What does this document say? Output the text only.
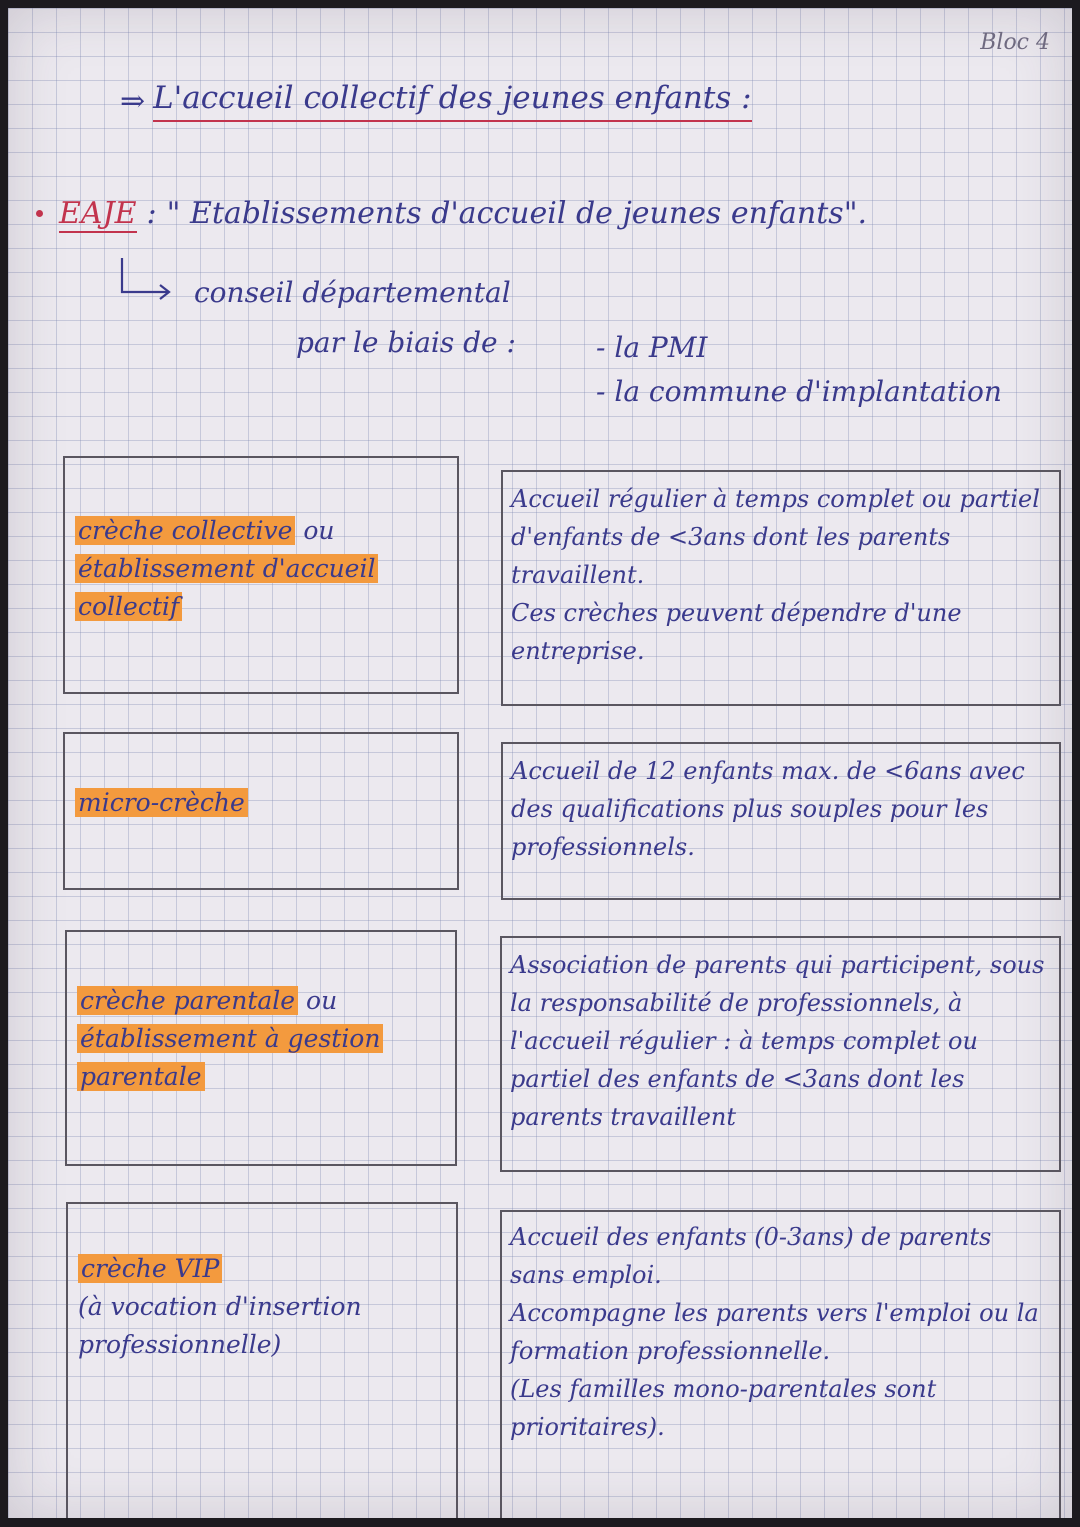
Bloc 4
⇒ L'accueil collectif des jeunes enfants :
EAJE : " Etablissements d'accueil de jeunes enfants".
conseil départemental
par le biais de :	- la PMI
- la commune d'implantation
crèche collective ou établissement d'accueil collectif

Accueil régulier à temps complet ou partiel d'enfants de <3ans dont les parents travaillent.

Ces crèches peuvent dépendre d'une entreprise.

micro-crèche

Accueil de 12 enfants max. de <6ans avec des qualifications plus souples pour les professionnels.

crèche parentale ou établissement à gestion parentale

Association de parents qui participent, sous la responsabilité de professionnels, à l'accueil régulier : à temps complet ou partiel des enfants de <3ans dont les parents travaillent

crèche VIP
(à vocation d'insertion professionnelle)

Accueil des enfants (0-3ans) de parents sans emploi.

Accompagne les parents vers l'emploi ou la formation professionnelle.

(Les familles mono-parentales sont prioritaires).
